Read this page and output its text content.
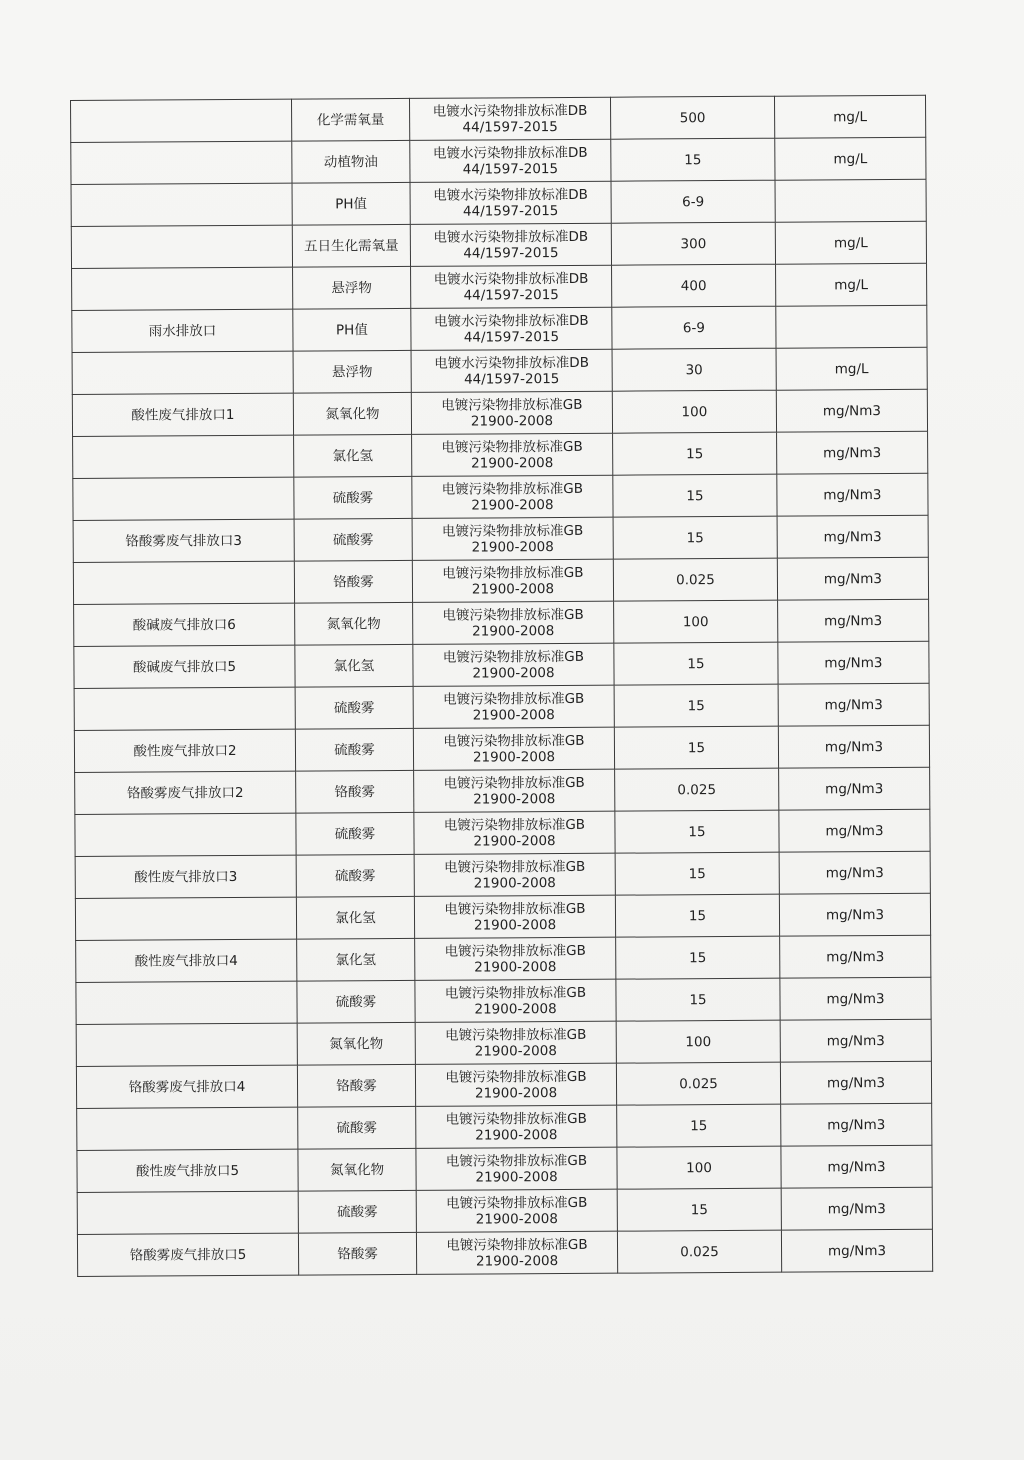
	化学需氧量	电镀水污染物排放标准DB
44/1597-2015	500	mg/L
	动植物油	电镀水污染物排放标准DB
44/1597-2015	15	mg/L
	PH值	电镀水污染物排放标准DB
44/1597-2015	6-9	
	五日生化需氧量	电镀水污染物排放标准DB
44/1597-2015	300	mg/L
	悬浮物	电镀水污染物排放标准DB
44/1597-2015	400	mg/L
雨水排放口	PH值	电镀水污染物排放标准DB
44/1597-2015	6-9	
	悬浮物	电镀水污染物排放标准DB
44/1597-2015	30	mg/L
酸性废气排放口1	氮氧化物	电镀污染物排放标准GB
21900-2008	100	mg/Nm3
	氯化氢	电镀污染物排放标准GB
21900-2008	15	mg/Nm3
	硫酸雾	电镀污染物排放标准GB
21900-2008	15	mg/Nm3
铬酸雾废气排放口3	硫酸雾	电镀污染物排放标准GB
21900-2008	15	mg/Nm3
	铬酸雾	电镀污染物排放标准GB
21900-2008	0.025	mg/Nm3
酸碱废气排放口6	氮氧化物	电镀污染物排放标准GB
21900-2008	100	mg/Nm3
酸碱废气排放口5	氯化氢	电镀污染物排放标准GB
21900-2008	15	mg/Nm3
	硫酸雾	电镀污染物排放标准GB
21900-2008	15	mg/Nm3
酸性废气排放口2	硫酸雾	电镀污染物排放标准GB
21900-2008	15	mg/Nm3
铬酸雾废气排放口2	铬酸雾	电镀污染物排放标准GB
21900-2008	0.025	mg/Nm3
	硫酸雾	电镀污染物排放标准GB
21900-2008	15	mg/Nm3
酸性废气排放口3	硫酸雾	电镀污染物排放标准GB
21900-2008	15	mg/Nm3
	氯化氢	电镀污染物排放标准GB
21900-2008	15	mg/Nm3
酸性废气排放口4	氯化氢	电镀污染物排放标准GB
21900-2008	15	mg/Nm3
	硫酸雾	电镀污染物排放标准GB
21900-2008	15	mg/Nm3
	氮氧化物	电镀污染物排放标准GB
21900-2008	100	mg/Nm3
铬酸雾废气排放口4	铬酸雾	电镀污染物排放标准GB
21900-2008	0.025	mg/Nm3
	硫酸雾	电镀污染物排放标准GB
21900-2008	15	mg/Nm3
酸性废气排放口5	氮氧化物	电镀污染物排放标准GB
21900-2008	100	mg/Nm3
	硫酸雾	电镀污染物排放标准GB
21900-2008	15	mg/Nm3
铬酸雾废气排放口5	铬酸雾	电镀污染物排放标准GB
21900-2008	0.025	mg/Nm3
